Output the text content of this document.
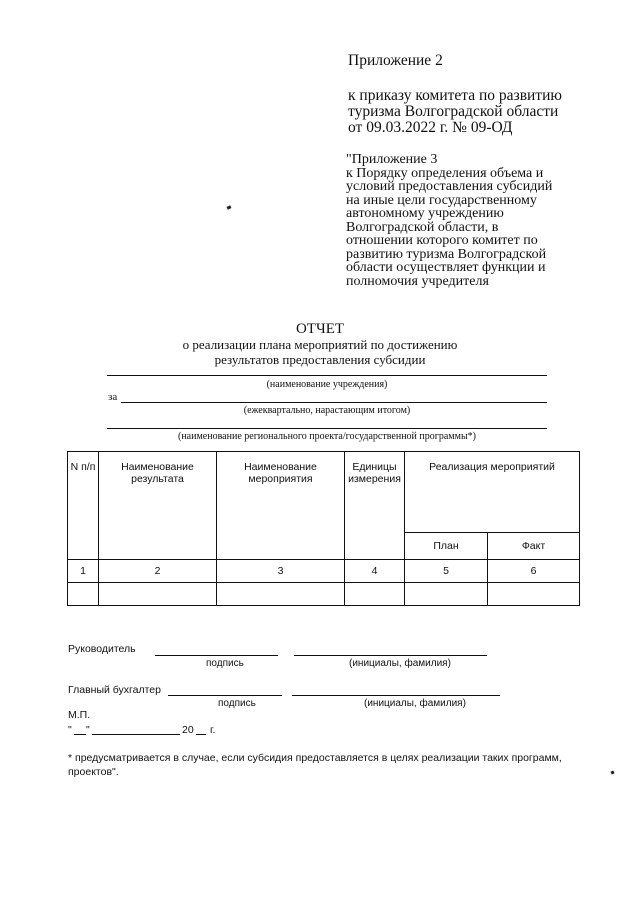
Приложение 2
к приказу комитета по развитию
туризма Волгоградской области
от 09.03.2022 г. № 09-ОД
"Приложение 3
к Порядку определения объема и
условий предоставления субсидий
на иные цели государственному
автономному учреждению
Волгоградской области, в
отношении которого комитет по
развитию туризма Волгоградской
области осуществляет функции и
полномочия учредителя
ОТЧЕТ
о реализации плана мероприятий по достижению
результатов предоставления субсидии
(наименование учреждения)
за
(ежеквартально, нарастающим итогом)
(наименование регионального проекта/государственной программы*)
N п/п	Наименование результата	Наименование мероприятия	Единицы измерения	Реализация мероприятий	

				План	Факт
1	2	3	4	5	6

Руководитель
подпись	(инициалы, фамилия)
Главный бухгалтер
подпись	(инициалы, фамилия)
М.П.
" "	20 г.
* предусматривается в случае, если субсидия предоставляется в целях реализации таких программ,
проектов".
